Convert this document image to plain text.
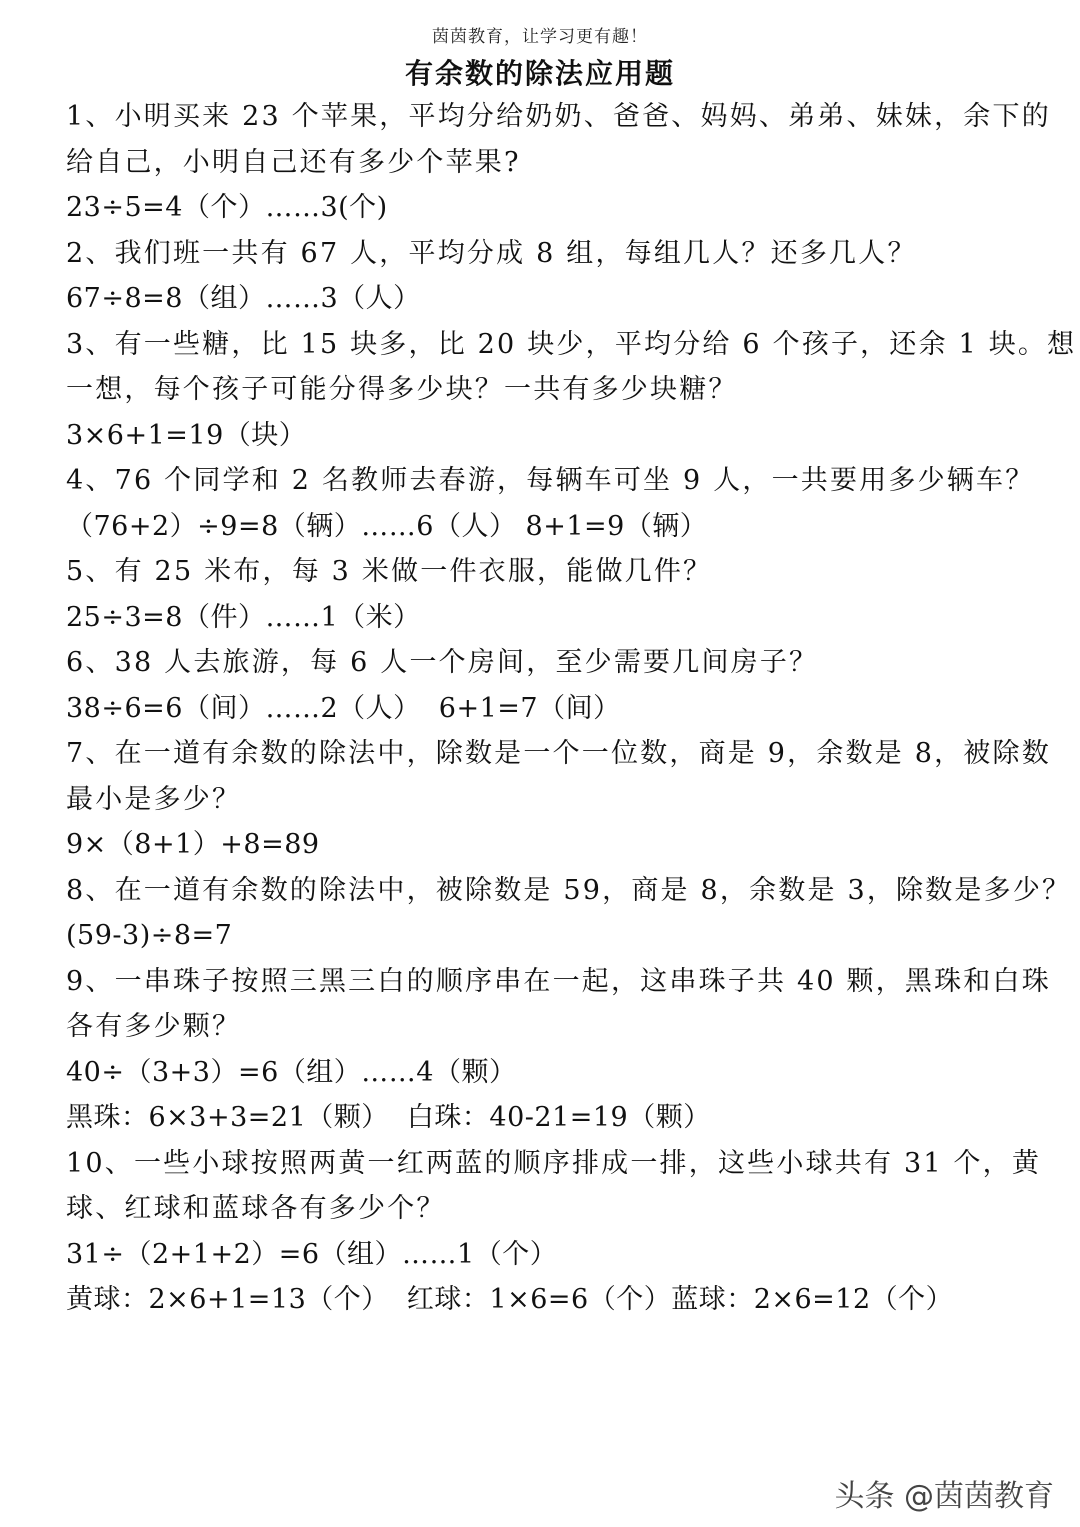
茵茵教育，让学习更有趣！
有余数的除法应用题
1、小明买来 23 个苹果，平均分给奶奶、爸爸、妈妈、弟弟、妹妹，余下的
给自己，小明自己还有多少个苹果?
23÷5=4（个）……3(个)
2、我们班一共有 67 人，平均分成 8 组，每组几人？还多几人？
67÷8=8（组）……3（人）
3、有一些糖，比 15 块多，比 20 块少，平均分给 6 个孩子，还余 1 块。想
一想，每个孩子可能分得多少块？一共有多少块糖？
3×6+1=19（块）
4、76 个同学和 2 名教师去春游，每辆车可坐 9 人，一共要用多少辆车？
（76+2）÷9=8（辆）……6（人） 8+1=9（辆）
5、有 25 米布，每 3 米做一件衣服，能做几件？
25÷3=8（件）……1（米）
6、38 人去旅游，每 6 人一个房间，至少需要几间房子？
38÷6=6（间）……2（人）  6+1=7（间）
7、在一道有余数的除法中，除数是一个一位数，商是 9，余数是 8，被除数
最小是多少？
9×（8+1）+8=89
8、在一道有余数的除法中，被除数是 59，商是 8，余数是 3，除数是多少？
(59-3)÷8=7
9、一串珠子按照三黑三白的顺序串在一起，这串珠子共 40 颗，黑珠和白珠
各有多少颗？
40÷（3+3）=6（组）……4（颗）
黑珠：6×3+3=21（颗）  白珠：40-21=19（颗）
10、一些小球按照两黄一红两蓝的顺序排成一排，这些小球共有 31 个，黄
球、红球和蓝球各有多少个？
31÷（2+1+2）=6（组）……1（个）
黄球：2×6+1=13（个）  红球：1×6=6（个）蓝球：2×6=12（个）
头条 @茵茵教育
